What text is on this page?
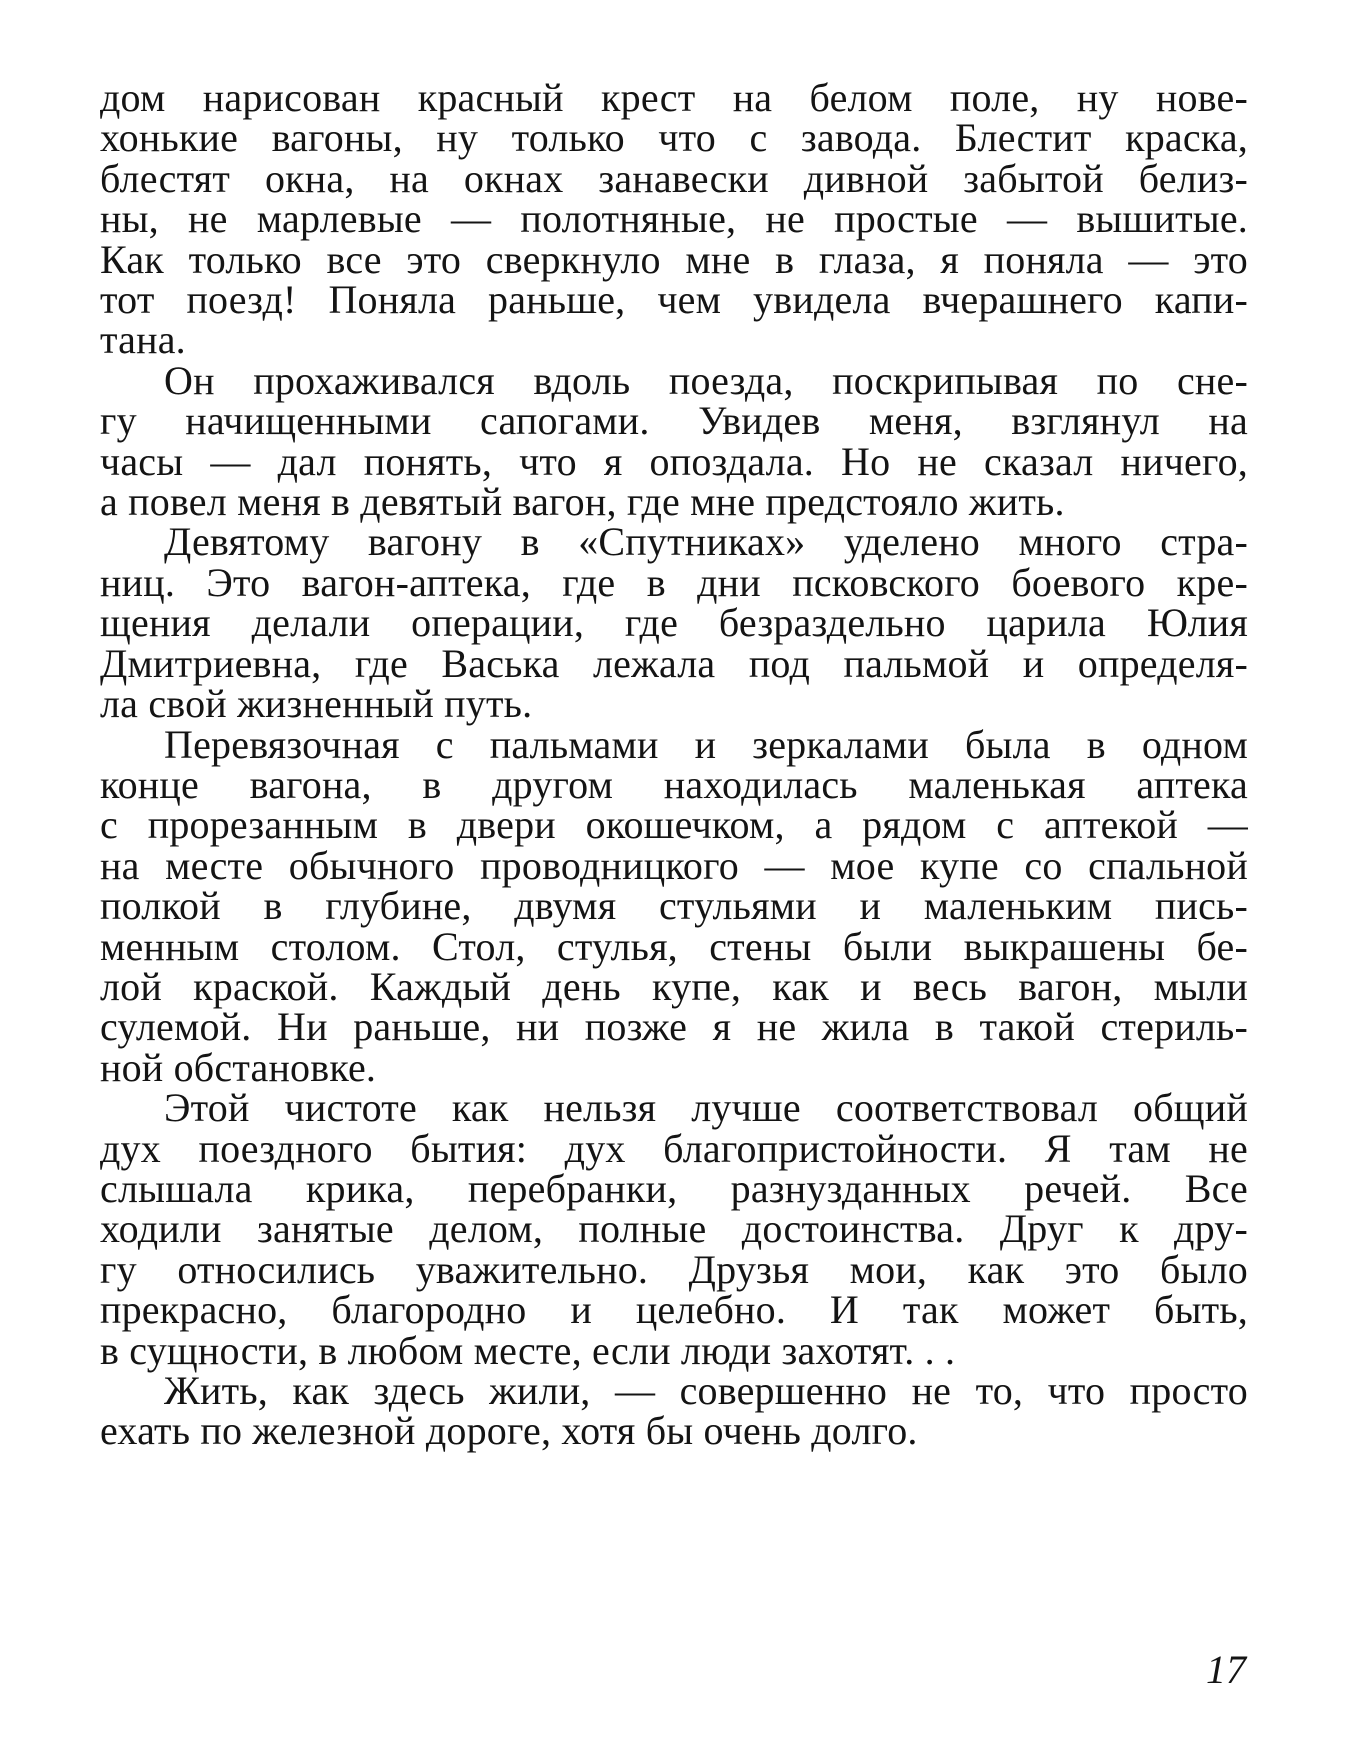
дом нарисован красный крест на белом поле, ну нове-
хонькие вагоны, ну только что с завода. Блестит краска,
блестят окна, на окнах занавески дивной забытой белиз-
ны, не марлевые — полотняные, не простые — вышитые.
Как только все это сверкнуло мне в глаза, я поняла — это
тот поезд! Поняла раньше, чем увидела вчерашнего капи-
тана.

Он прохаживался вдоль поезда, поскрипывая по сне-
гу начищенными сапогами. Увидев меня, взглянул на
часы — дал понять, что я опоздала. Но не сказал ничего,
а повел меня в девятый вагон, где мне предстояло жить.

Девятому вагону в «Спутниках» уделено много стра-
ниц. Это вагон-аптека, где в дни псковского боевого кре-
щения делали операции, где безраздельно царила Юлия
Дмитриевна, где Васька лежала под пальмой и определя-
ла свой жизненный путь.

Перевязочная с пальмами и зеркалами была в одном
конце вагона, в другом находилась маленькая аптека
с прорезанным в двери окошечком, а рядом с аптекой —
на месте обычного проводницкого — мое купе со спальной
полкой в глубине, двумя стульями и маленьким пись-
менным столом. Стол, стулья, стены были выкрашены бе-
лой краской. Каждый день купе, как и весь вагон, мыли
сулемой. Ни раньше, ни позже я не жила в такой стериль-
ной обстановке.

Этой чистоте как нельзя лучше соответствовал общий
дух поездного бытия: дух благопристойности. Я там не
слышала крика, перебранки, разнузданных речей. Все
ходили занятые делом, полные достоинства. Друг к дру-
гу относились уважительно. Друзья мои, как это было
прекрасно, благородно и целебно. И так может быть,
в сущности, в любом месте, если люди захотят. . .

Жить, как здесь жили, — совершенно не то, что просто
ехать по железной дороге, хотя бы очень долго.

17
